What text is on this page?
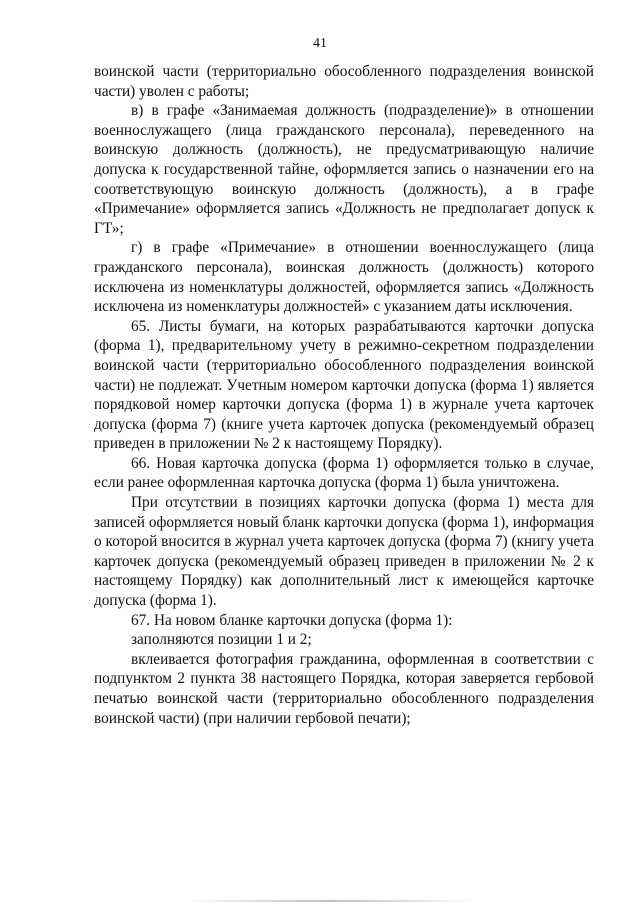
41

воинской части (территориально обособленного подразделения воинской части) уволен с работы;

в) в графе «Занимаемая должность (подразделение)» в отношении военнослужащего (лица гражданского персонала), переведенного на воинскую должность (должность), не предусматривающую наличие допуска к государственной тайне, оформляется запись о назначении его на соответствующую воинскую должность (должность), а в графе «Примечание» оформляется запись «Должность не предполагает допуск к ГТ»;

г) в графе «Примечание» в отношении военнослужащего (лица гражданского персонала), воинская должность (должность) которого исключена из номенклатуры должностей, оформляется запись «Должность исключена из номенклатуры должностей» с указанием даты исключения.

65. Листы бумаги, на которых разрабатываются карточки допуска (форма 1), предварительному учету в режимно-секретном подразделении воинской части (территориально обособленного подразделения воинской части) не подлежат. Учетным номером карточки допуска (форма 1) является порядковой номер карточки допуска (форма 1) в журнале учета карточек допуска (форма 7) (книге учета карточек допуска (рекомендуемый образец приведен в приложении № 2 к настоящему Порядку).

66. Новая карточка допуска (форма 1) оформляется только в случае, если ранее оформленная карточка допуска (форма 1) была уничтожена.

При отсутствии в позициях карточки допуска (форма 1) места для записей оформляется новый бланк карточки допуска (форма 1), информация о которой вносится в журнал учета карточек допуска (форма 7) (книгу учета карточек допуска (рекомендуемый образец приведен в приложении № 2 к настоящему Порядку) как дополнительный лист к имеющейся карточке допуска (форма 1).

67. На новом бланке карточки допуска (форма 1):

заполняются позиции 1 и 2;

вклеивается фотография гражданина, оформленная в соответствии с подпунктом 2 пункта 38 настоящего Порядка, которая заверяется гербовой печатью воинской части (территориально обособленного подразделения воинской части) (при наличии гербовой печати);
